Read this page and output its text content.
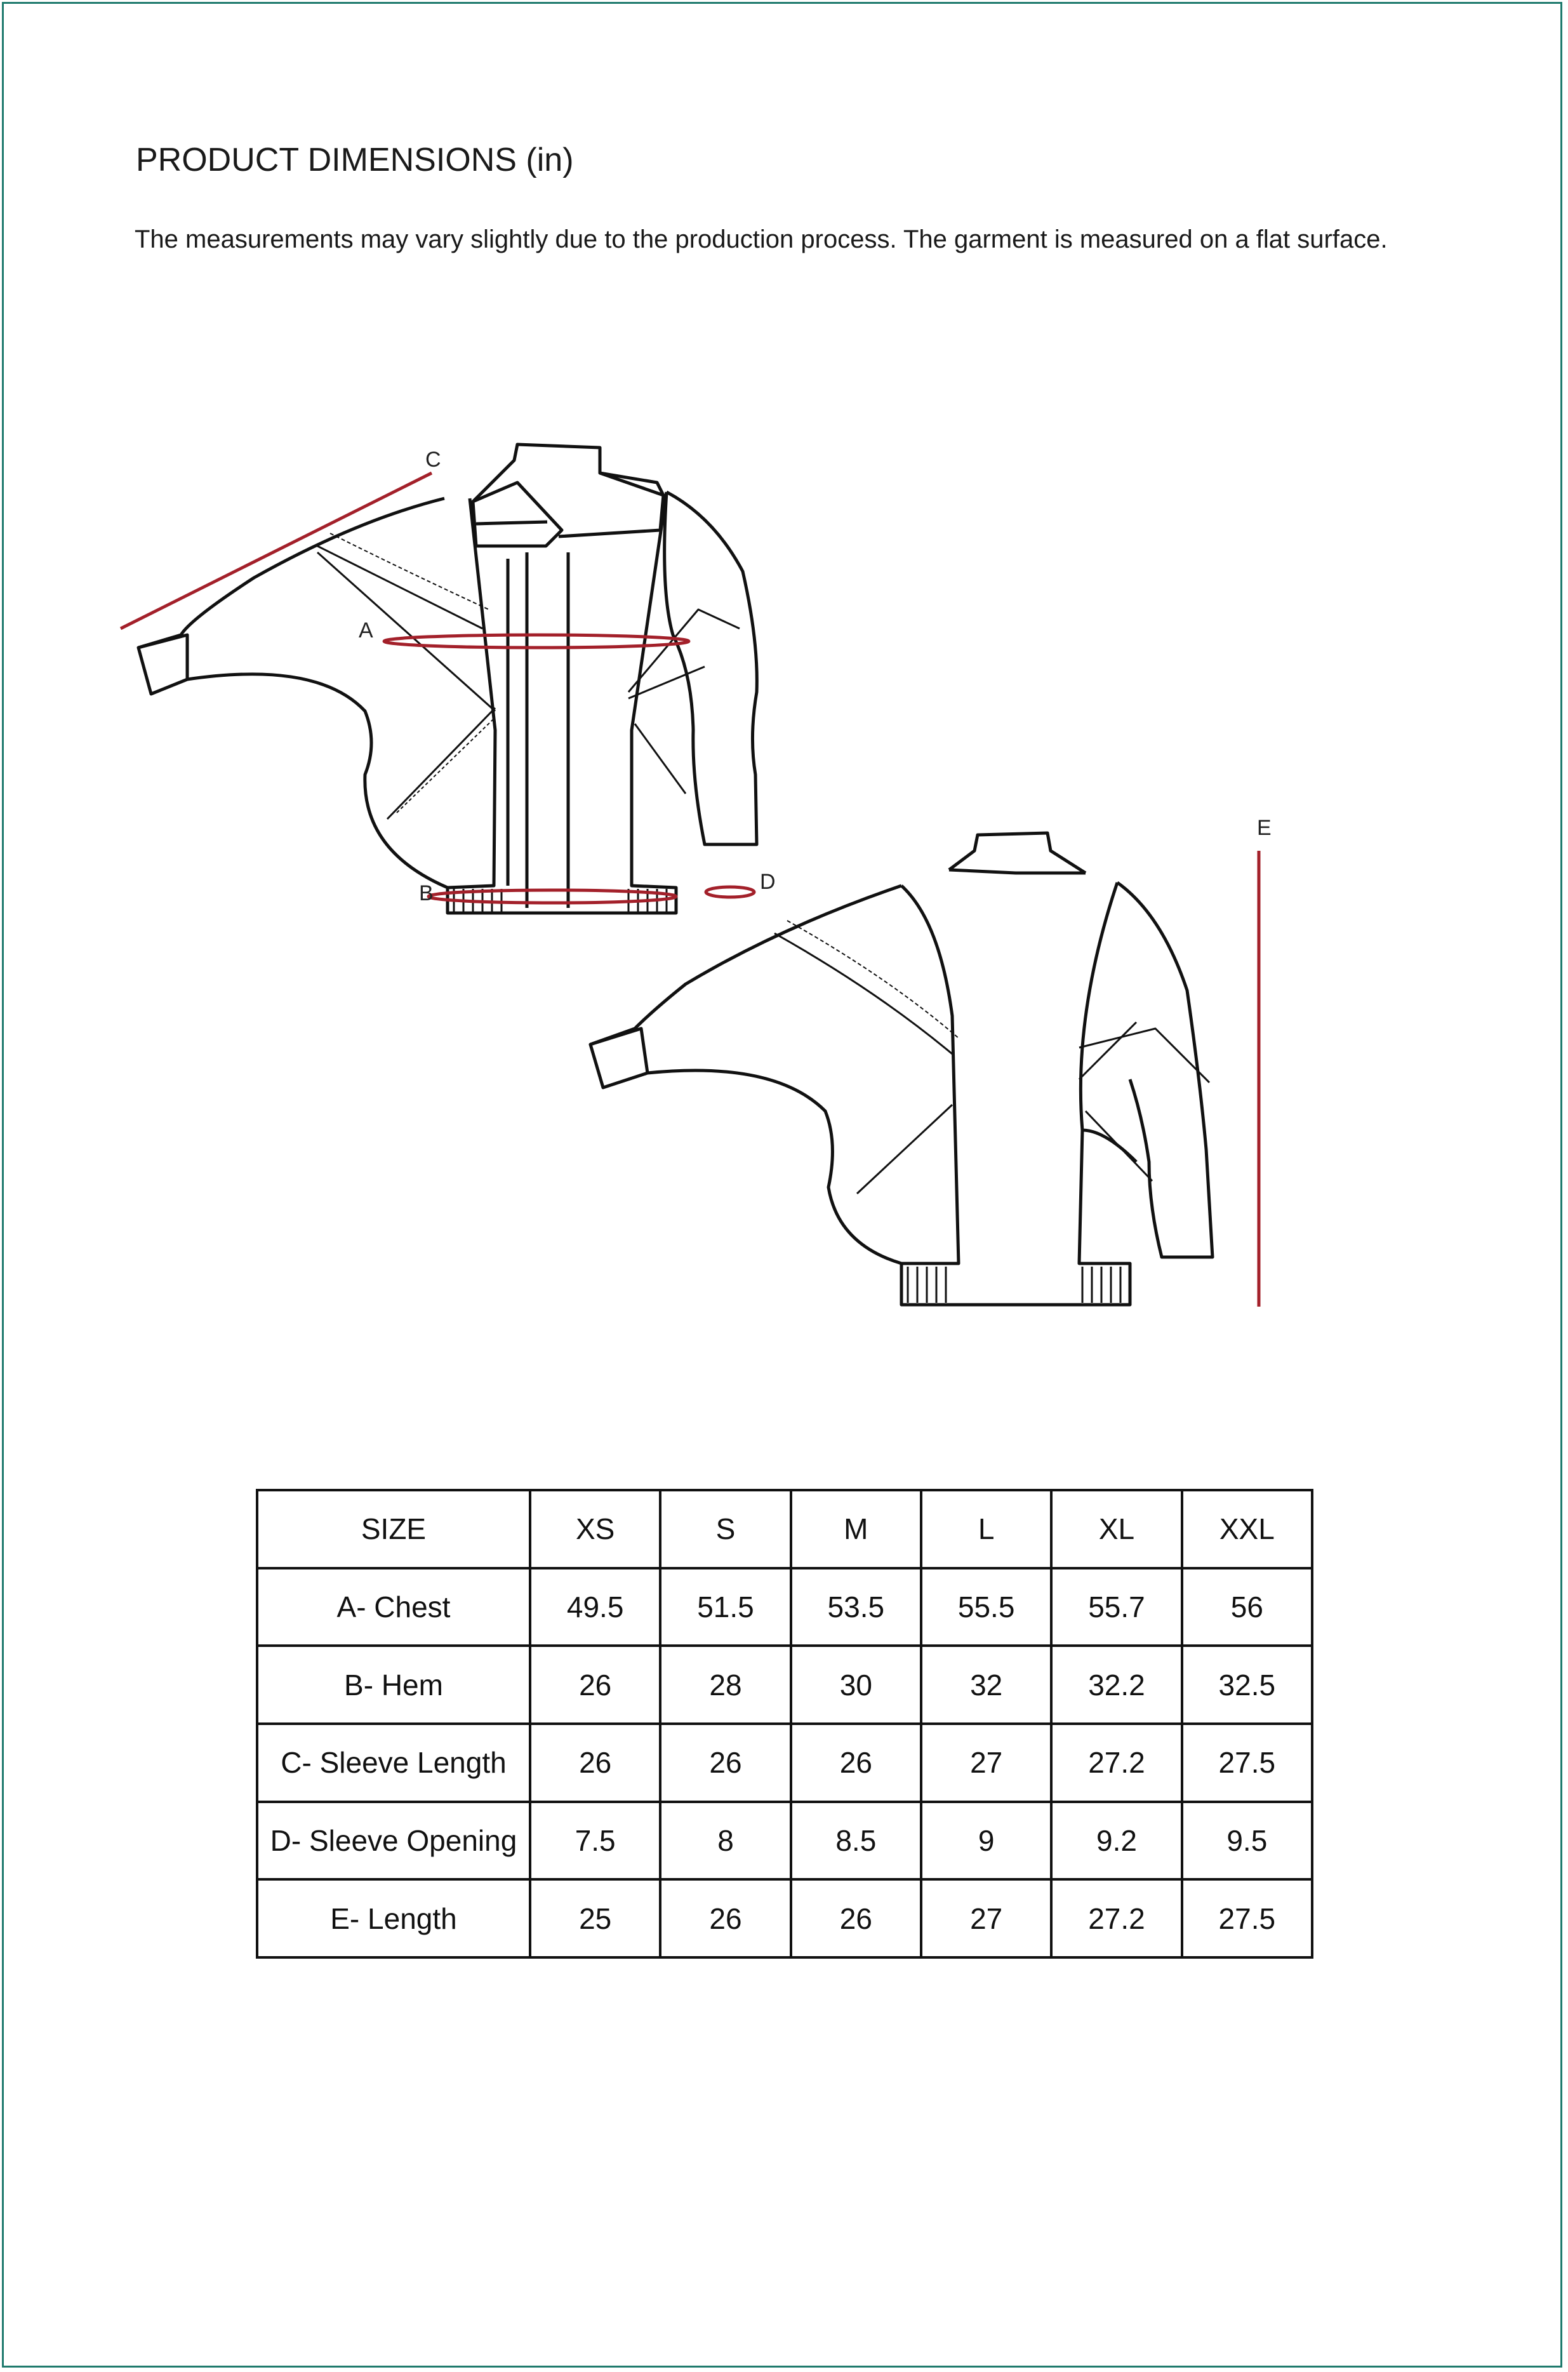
PRODUCT DIMENSIONS (in)
The measurements may vary slightly due to the production process. The garment is measured on a flat surface.
C
A
B	D
E
SIZE	XS	S	M	L	XL	XXL
A- Chest	49.5	51.5	53.5	55.5	55.7	56
B- Hem	26	28	30	32	32.2	32.5
C- Sleeve Length	26	26	26	27	27.2	27.5
D- Sleeve Opening	7.5	8	8.5	9	9.2	9.5
E- Length	25	26	26	27	27.2	27.5
